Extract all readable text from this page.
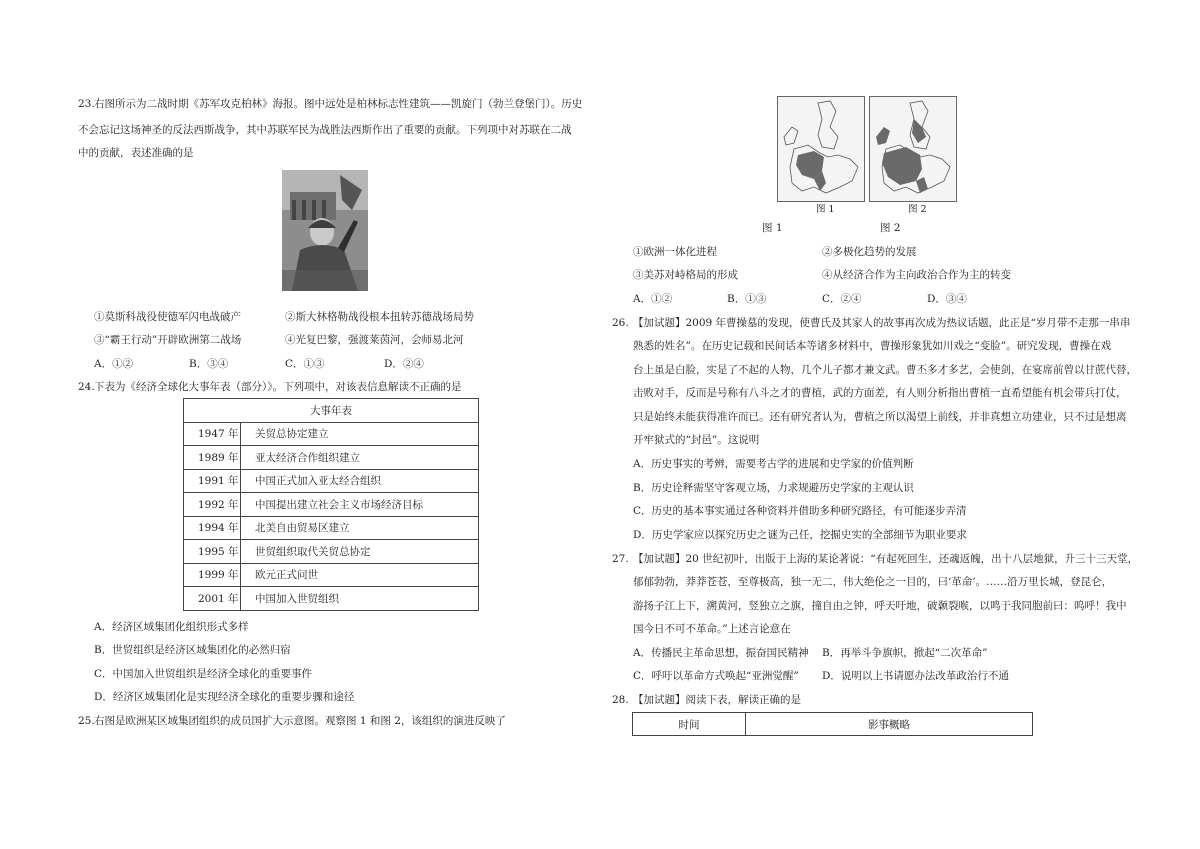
23. 右图所示为二战时期《苏军攻克柏林》海报。图中远处是柏林标志性建筑——凯旋门（勃兰登堡门）。历史
不会忘记这场神圣的反法西斯战争，其中苏联军民为战胜法西斯作出了重要的贡献。下列项中对苏联在二战
中的贡献，表述准确的是
①莫斯科战役使德军闪电战破产	②斯大林格勒战役根本扭转苏德战场局势
③“霸王行动”开辟欧洲第二战场	④光复巴黎，强渡莱茵河，会师易北河
A．①②	B．③④	C．①③	D．②④
24. 下表为《经济全球化大事年表（部分）》。下列项中，对该表信息解读不正确的是
大事年表	
1947 年	关贸总协定建立
1989 年	亚太经济合作组织建立
1991 年	中国正式加入亚太经合组织
1992 年	中国提出建立社会主义市场经济目标
1994 年	北美自由贸易区建立
1995 年	世贸组织取代关贸总协定
1999 年	欧元正式问世
2001 年	中国加入世贸组织
A．经济区域集团化组织形式多样
B．世贸组织是经济区域集团化的必然归宿
C．中国加入世贸组织是经济全球化的重要事件
D．经济区域集团化是实现经济全球化的重要步骤和途径
25. 右图是欧洲某区域集团组织的成员国扩大示意图。观察图 1 和图 2，该组织的演进反映了
图 1	图 2
图 1	图 2
①欧洲一体化进程	②多极化趋势的发展
③美苏对峙格局的形成	④从经济合作为主向政治合作为主的转变
A．①②	B．①③	C．②④	D．③④
26. 【加试题】2009 年曹操墓的发现，使曹氏及其家人的故事再次成为热议话题，此正是“岁月带不走那一串串
熟悉的姓名”。在历史记载和民间话本等诸多材料中，曹操形象犹如川戏之“变脸”。研究发现，曹操在戏
台上虽是白脸，实是了不起的人物，几个儿子都才兼文武。曹丕多才多艺，会使剑，在宴席前曾以甘蔗代替，
击败对手，反而是号称有八斗之才的曹植，武的方面差，有人则分析指出曹植一直希望能有机会带兵打仗，
只是始终未能获得准许而已。还有研究者认为，曹植之所以渴望上前线，并非真想立功建业，只不过是想离
开牢狱式的“封邑”。这说明
A．历史事实的考辨，需要考古学的进展和史学家的价值判断
B．历史诠释需坚守客观立场，力求规避历史学家的主观认识
C．历史的基本事实通过各种资料并借助多种研究路径，有可能逐步弄清
D．历史学家应以探究历史之谜为己任，挖掘史实的全部细节为职业要求
27. 【加试题】20 世纪初叶，出版于上海的某论著说：“有起死回生，还魂返魄，出十八层地狱，升三十三天堂，
郁郁勃勃，莽莽苍苍，至尊极高，独一无二，伟大绝伦之一目的，曰‘革命’。……沿万里长城，登昆仑，
游扬子江上下，溯黄河，竖独立之旗，撞自由之钟，呼天吁地，破颡裂喉，以鸣于我同胞前曰：呜呼！我中
国今日不可不革命。”上述言论意在
A．传播民主革命思想，振奋国民精神 B．再举斗争旗帜，掀起“二次革命”
C．呼吁以革命方式唤起“亚洲觉醒” D．说明以上书请愿办法改革政治行不通
28. 【加试题】阅读下表，解读正确的是
时间	影事概略
